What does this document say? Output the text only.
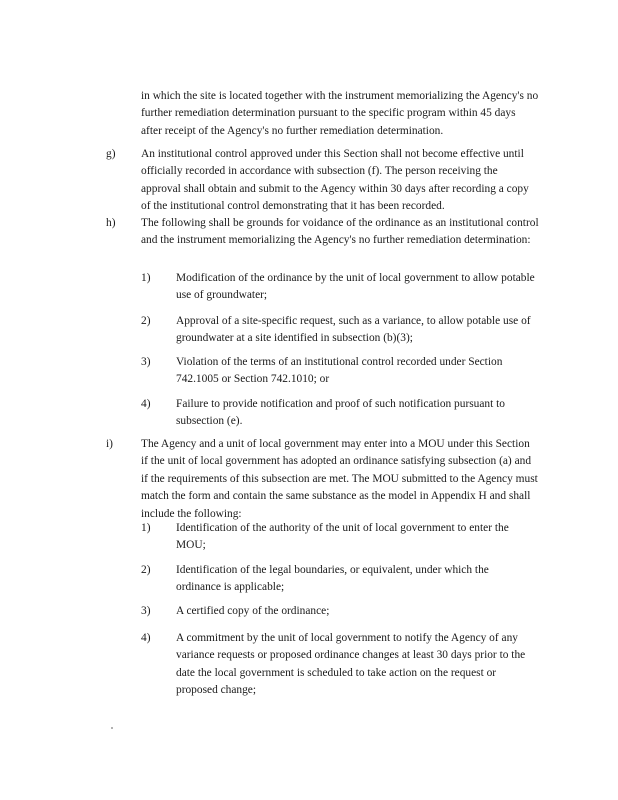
in which the site is located together with the instrument memorializing the Agency's no further remediation determination pursuant to the specific program within 45 days after receipt of the Agency's no further remediation determination.

g)	An institutional control approved under this Section shall not become effective until officially recorded in accordance with subsection (f). The person receiving the approval shall obtain and submit to the Agency within 30 days after recording a copy of the institutional control demonstrating that it has been recorded.

h)	The following shall be grounds for voidance of the ordinance as an institutional control and the instrument memorializing the Agency's no further remediation determination:

1)	Modification of the ordinance by the unit of local government to allow potable use of groundwater;

2)	Approval of a site-specific request, such as a variance, to allow potable use of groundwater at a site identified in subsection (b)(3);

3)	Violation of the terms of an institutional control recorded under Section 742.1005 or Section 742.1010; or

4)	Failure to provide notification and proof of such notification pursuant to subsection (e).

i)	The Agency and a unit of local government may enter into a MOU under this Section if the unit of local government has adopted an ordinance satisfying subsection (a) and if the requirements of this subsection are met. The MOU submitted to the Agency must match the form and contain the same substance as the model in Appendix H and shall include the following:

1)	Identification of the authority of the unit of local government to enter the MOU;

2)	Identification of the legal boundaries, or equivalent, under which the ordinance is applicable;

3)	A certified copy of the ordinance;

4)	A commitment by the unit of local government to notify the Agency of any variance requests or proposed ordinance changes at least 30 days prior to the date the local government is scheduled to take action on the request or proposed change;
